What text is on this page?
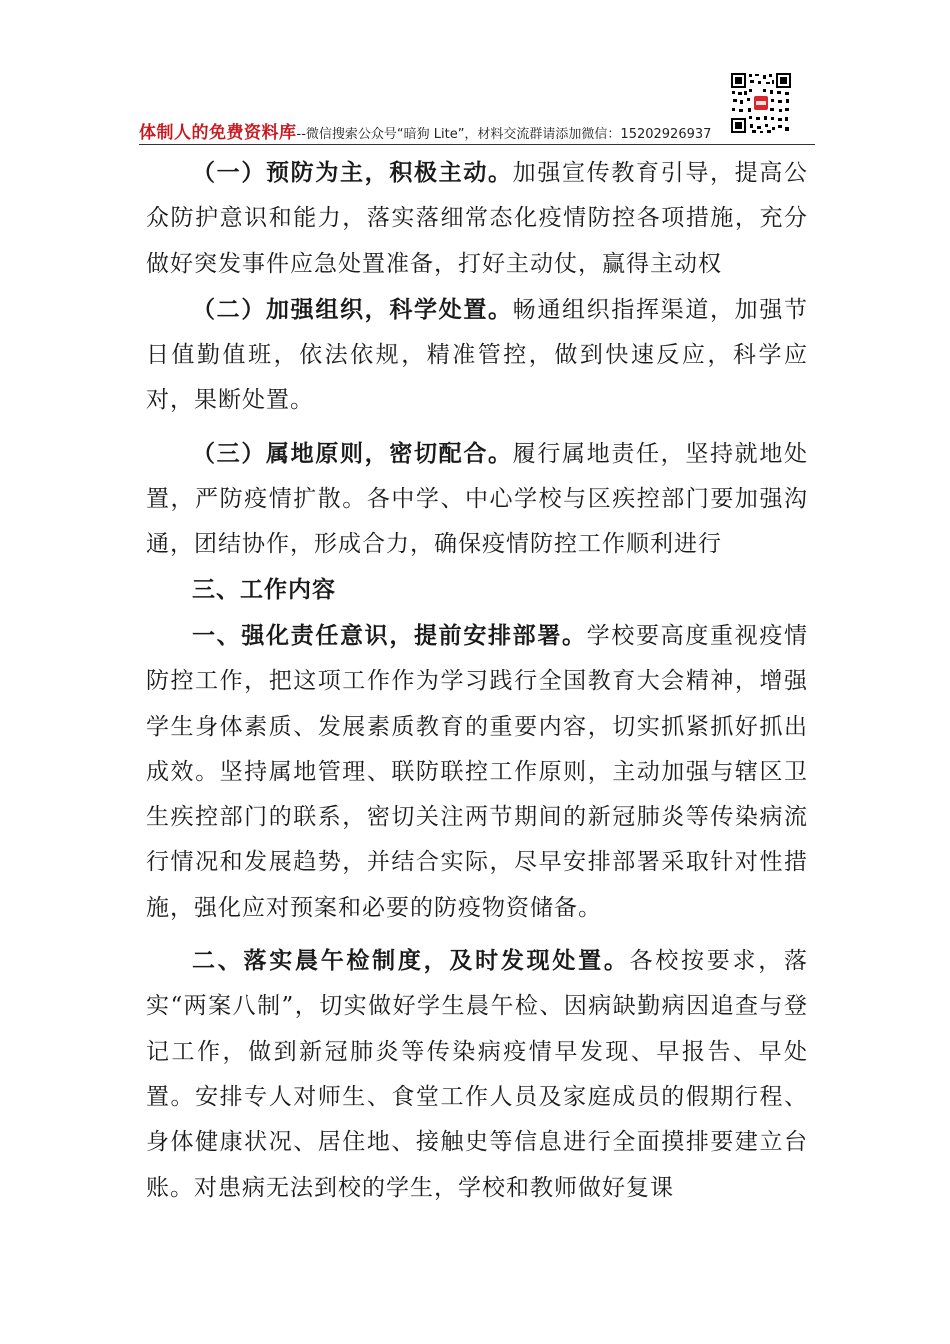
体制人的免费资料库--微信搜索公众号“暗狗 Lite”，材料交流群请添加微信：15202926937

（一）预防为主，积极主动。加强宣传教育引导，提高公众防护意识和能力，落实落细常态化疫情防控各项措施，充分做好突发事件应急处置准备，打好主动仗，赢得主动权

（二）加强组织，科学处置。畅通组织指挥渠道，加强节日值勤值班，依法依规，精准管控，做到快速反应，科学应对，果断处置。

（三）属地原则，密切配合。履行属地责任，坚持就地处置，严防疫情扩散。各中学、中心学校与区疾控部门要加强沟通，团结协作，形成合力，确保疫情防控工作顺利进行

三、工作内容

一、强化责任意识，提前安排部署。学校要高度重视疫情防控工作，把这项工作作为学习践行全国教育大会精神，增强学生身体素质、发展素质教育的重要内容，切实抓紧抓好抓出成效。坚持属地管理、联防联控工作原则，主动加强与辖区卫生疾控部门的联系，密切关注两节期间的新冠肺炎等传染病流行情况和发展趋势，并结合实际，尽早安排部署采取针对性措施，强化应对预案和必要的防疫物资储备。

二、落实晨午检制度，及时发现处置。各校按要求，落实“两案八制”，切实做好学生晨午检、因病缺勤病因追查与登记工作，做到新冠肺炎等传染病疫情早发现、早报告、早处置。安排专人对师生、食堂工作人员及家庭成员的假期行程、身体健康状况、居住地、接触史等信息进行全面摸排要建立台账。对患病无法到校的学生，学校和教师做好复课
